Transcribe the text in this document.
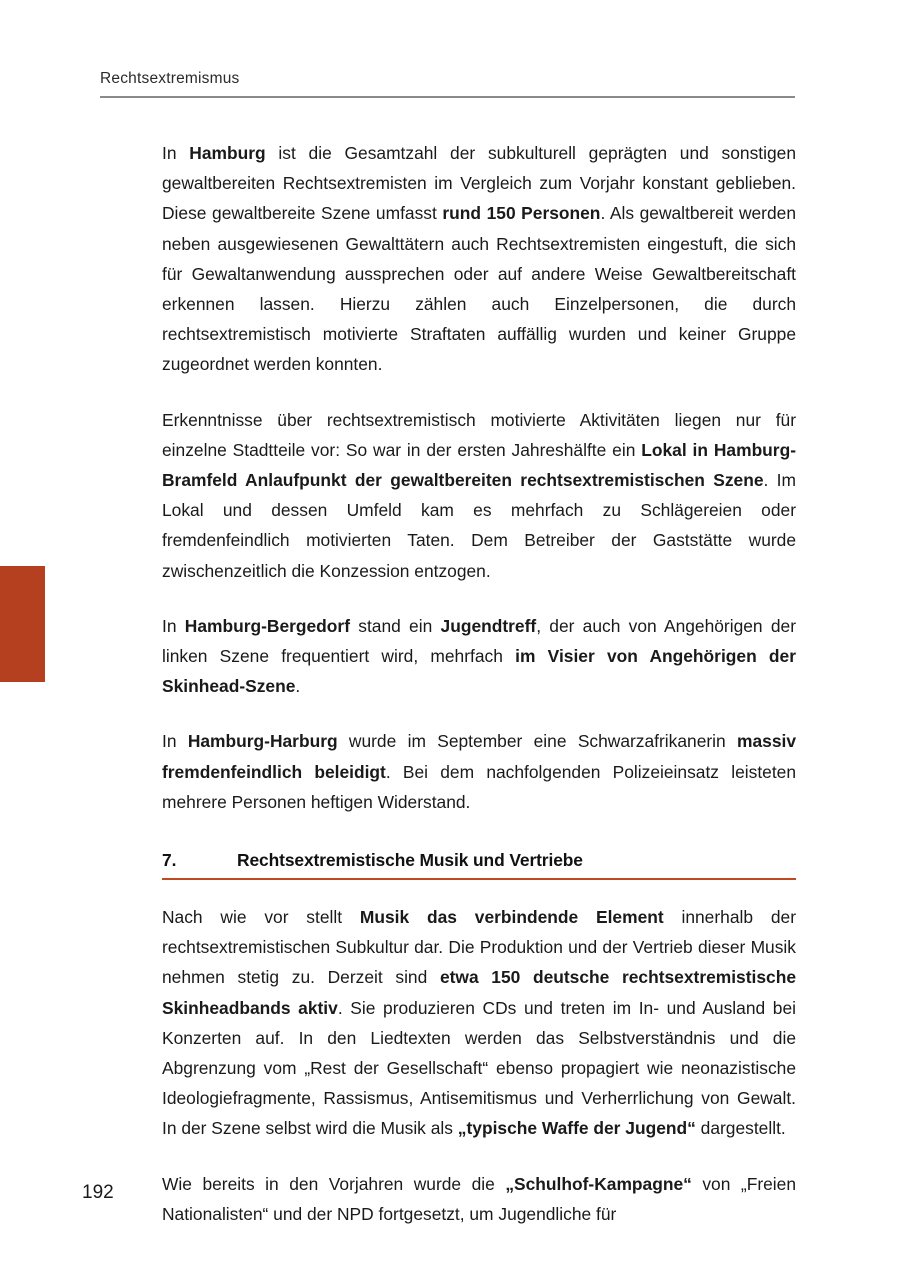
Rechtsextremismus

In Hamburg ist die Gesamtzahl der subkulturell geprägten und sonstigen gewaltbereiten Rechtsextremisten im Vergleich zum Vorjahr konstant geblieben. Diese gewaltbereite Szene umfasst rund 150 Personen. Als gewaltbereit werden neben ausgewiesenen Gewalttätern auch Rechtsextremisten eingestuft, die sich für Gewaltanwendung aussprechen oder auf andere Weise Gewaltbereitschaft erkennen lassen. Hierzu zählen auch Einzelpersonen, die durch rechtsextremistisch motivierte Straftaten auffällig wurden und keiner Gruppe zugeordnet werden konnten.

Erkenntnisse über rechtsextremistisch motivierte Aktivitäten liegen nur für einzelne Stadtteile vor: So war in der ersten Jahreshälfte ein Lokal in Hamburg-Bramfeld Anlaufpunkt der gewaltbereiten rechtsextremistischen Szene. Im Lokal und dessen Umfeld kam es mehrfach zu Schlägereien oder fremdenfeindlich motivierten Taten. Dem Betreiber der Gaststätte wurde zwischenzeitlich die Konzession entzogen.

In Hamburg-Bergedorf stand ein Jugendtreff, der auch von Angehörigen der linken Szene frequentiert wird, mehrfach im Visier von Angehörigen der Skinhead-Szene.

In Hamburg-Harburg wurde im September eine Schwarzafrikanerin massiv fremdenfeindlich beleidigt. Bei dem nachfolgenden Polizeieinsatz leisteten mehrere Personen heftigen Widerstand.

7.	Rechtsextremistische Musik und Vertriebe

Nach wie vor stellt Musik das verbindende Element innerhalb der rechtsextremistischen Subkultur dar. Die Produktion und der Vertrieb dieser Musik nehmen stetig zu. Derzeit sind etwa 150 deutsche rechtsextremistische Skinheadbands aktiv. Sie produzieren CDs und treten im In- und Ausland bei Konzerten auf. In den Liedtexten werden das Selbstverständnis und die Abgrenzung vom „Rest der Gesellschaft“ ebenso propagiert wie neonazistische Ideologiefragmente, Rassismus, Antisemitismus und Verherrlichung von Gewalt. In der Szene selbst wird die Musik als „typische Waffe der Jugend“ dargestellt.

Wie bereits in den Vorjahren wurde die „Schulhof-Kampagne“ von „Freien Nationalisten“ und der NPD fortgesetzt, um Jugendliche für

192
